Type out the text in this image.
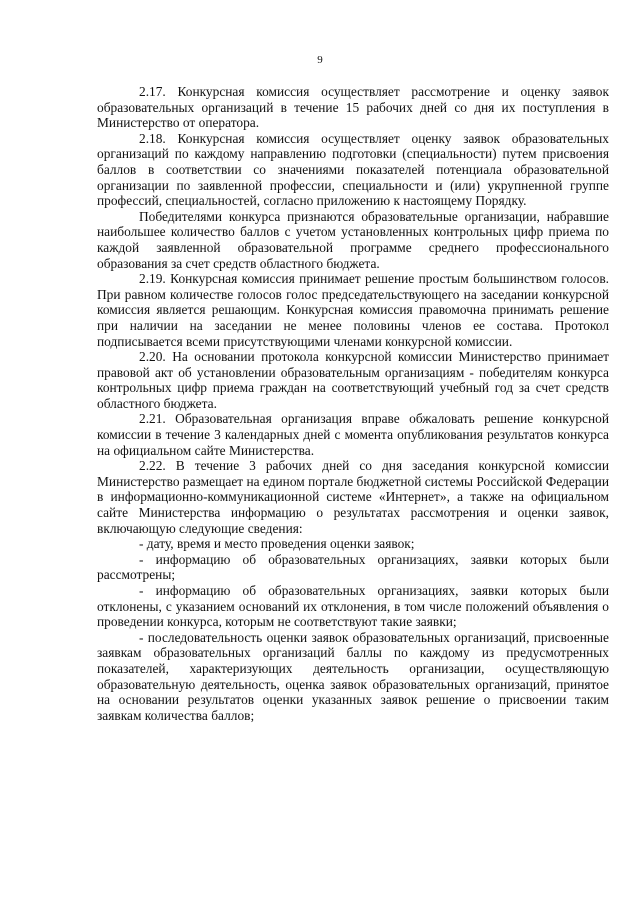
9

2.17. Конкурсная комиссия осуществляет рассмотрение и оценку заявок образовательных организаций в течение 15 рабочих дней со дня их поступления в Министерство от оператора.

2.18. Конкурсная комиссия осуществляет оценку заявок образовательных организаций по каждому направлению подготовки (специальности) путем присвоения баллов в соответствии со значениями показателей потенциала образовательной организации по заявленной профессии, специальности и (или) укрупненной группе профессий, специальностей, согласно приложению к настоящему Порядку.

Победителями конкурса признаются образовательные организации, набравшие наибольшее количество баллов с учетом установленных контрольных цифр приема по каждой заявленной образовательной программе среднего профессионального образования за счет средств областного бюджета.

2.19. Конкурсная комиссия принимает решение простым большинством голосов. При равном количестве голосов голос председательствующего на заседании конкурсной комиссия является решающим. Конкурсная комиссия правомочна принимать решение при наличии на заседании не менее половины членов ее состава. Протокол подписывается всеми присутствующими членами конкурсной комиссии.

2.20. На основании протокола конкурсной комиссии Министерство принимает правовой акт об установлении образовательным организациям - победителям конкурса контрольных цифр приема граждан на соответствующий учебный год за счет средств областного бюджета.

2.21. Образовательная организация вправе обжаловать решение конкурсной комиссии в течение 3 календарных дней с момента опубликования результатов конкурса на официальном сайте Министерства.

2.22. В течение 3 рабочих дней со дня заседания конкурсной комиссии Министерство размещает на едином портале бюджетной системы Российской Федерации в информационно-коммуникационной системе «Интернет», а также на официальном сайте Министерства информацию о результатах рассмотрения и оценки заявок, включающую следующие сведения:

- дату, время и место проведения оценки заявок;

- информацию об образовательных организациях, заявки которых были рассмотрены;

- информацию об образовательных организациях, заявки которых были отклонены, с указанием оснований их отклонения, в том числе положений объявления о проведении конкурса, которым не соответствуют такие заявки;

- последовательность оценки заявок образовательных организаций, присвоенные заявкам образовательных организаций баллы по каждому из предусмотренных показателей, характеризующих деятельность организации, осуществляющую образовательную деятельность, оценка заявок образовательных организаций, принятое на основании результатов оценки указанных заявок решение о присвоении таким заявкам количества баллов;
